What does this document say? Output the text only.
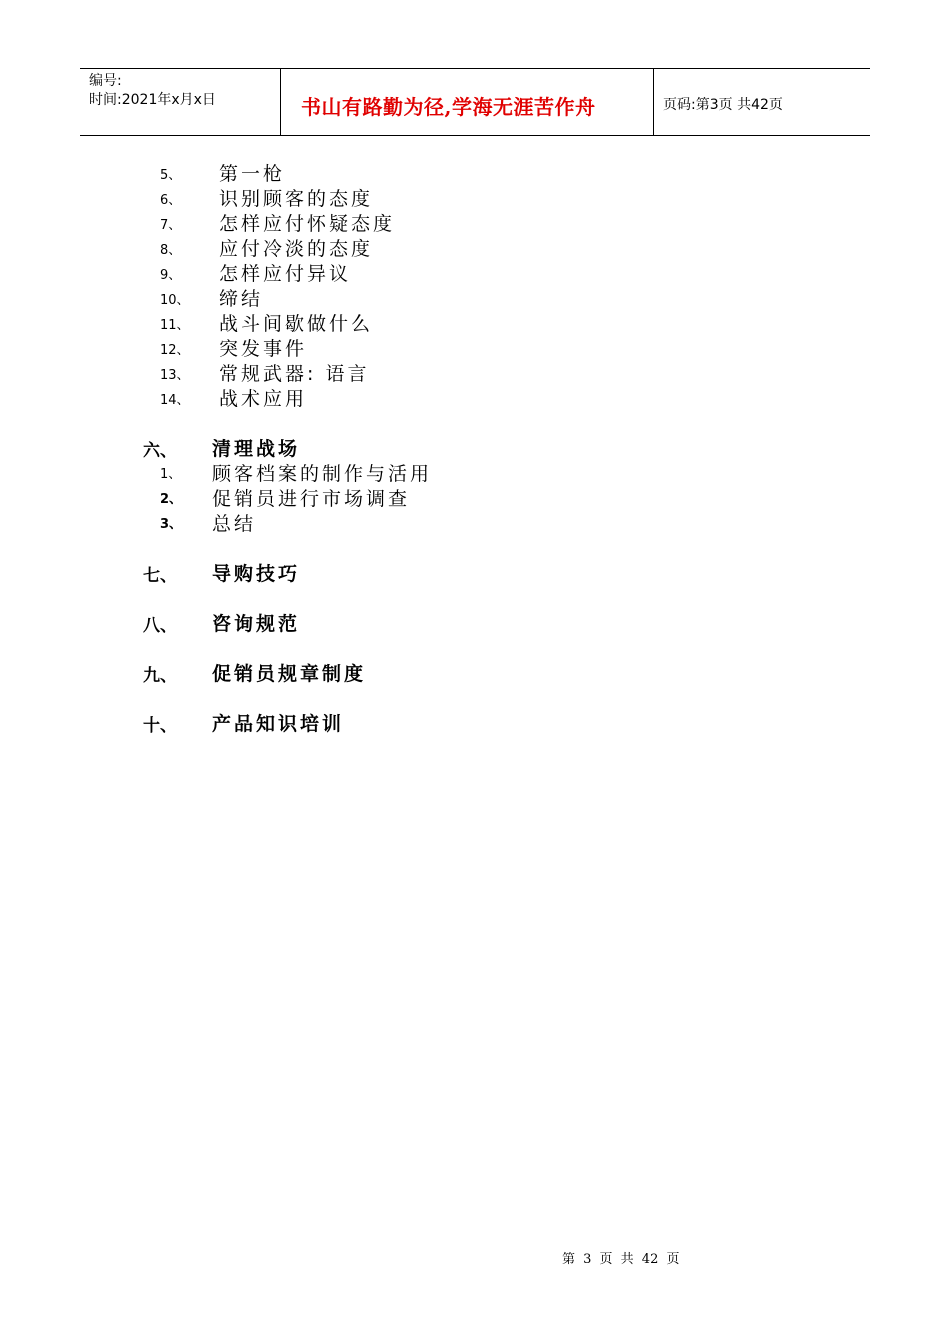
编号:
时间:2021年x月x日	书山有路勤为径,学海无涯苦作舟	页码:第3页 共42页
5、 第一枪
6、 识别顾客的态度
7、 怎样应付怀疑态度
8、 应付冷淡的态度
9、 怎样应付异议
10、 缔结
11、 战斗间歇做什么
12、 突发事件
13、 常规武器: 语言
14、 战术应用
六、 清理战场
1、 顾客档案的制作与活用
2、 促销员进行市场调查
3、 总结
七、 导购技巧
八、 咨询规范
九、 促销员规章制度
十、 产品知识培训
第 3 页 共 42 页
